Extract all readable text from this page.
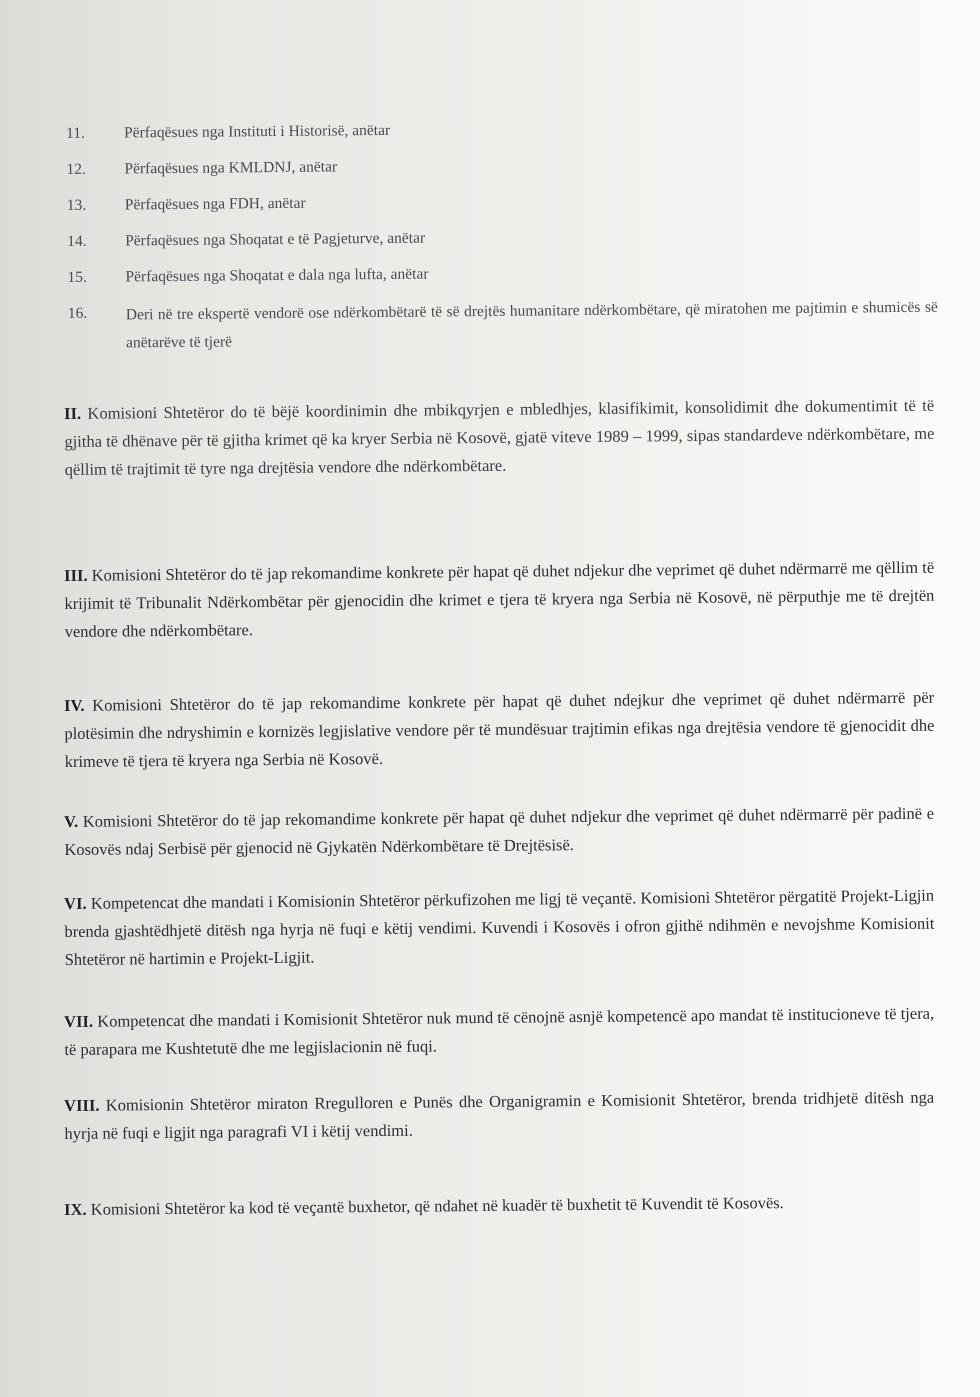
11.	Përfaqësues nga Instituti i Historisë, anëtar
12.	Përfaqësues nga KMLDNJ, anëtar
13.	Përfaqësues nga FDH, anëtar
14.	Përfaqësues nga Shoqatat e të Pagjeturve, anëtar
15.	Përfaqësues nga Shoqatat e dala nga lufta, anëtar
16.	Deri në tre ekspertë vendorë ose ndërkombëtarë të së drejtës humanitare ndërkombëtare, që miratohen me pajtimin e shumicës së anëtarëve të tjerë
II. Komisioni Shtetëror do të bëjë koordinimin dhe mbikqyrjen e mbledhjes, klasifikimit, konsolidimit dhe dokumentimit të të gjitha të dhënave për të gjitha krimet që ka kryer Serbia në Kosovë, gjatë viteve 1989 – 1999, sipas standardeve ndërkombëtare, me qëllim të trajtimit të tyre nga drejtësia vendore dhe ndërkombëtare.
III. Komisioni Shtetëror do të jap rekomandime konkrete për hapat që duhet ndjekur dhe veprimet që duhet ndërmarrë me qëllim të krijimit të Tribunalit Ndërkombëtar për gjenocidin dhe krimet e tjera të kryera nga Serbia në Kosovë, në përputhje me të drejtën vendore dhe ndërkombëtare.
IV. Komisioni Shtetëror do të jap rekomandime konkrete për hapat që duhet ndejkur dhe veprimet që duhet ndërmarrë për plotësimin dhe ndryshimin e kornizës legjislative vendore për të mundësuar trajtimin efikas nga drejtësia vendore të gjenocidit dhe krimeve të tjera të kryera nga Serbia në Kosovë.
V. Komisioni Shtetëror do të jap rekomandime konkrete për hapat që duhet ndjekur dhe veprimet që duhet ndërmarrë për padinë e Kosovës ndaj Serbisë për gjenocid në Gjykatën Ndërkombëtare të Drejtësisë.
VI. Kompetencat dhe mandati i Komisionin Shtetëror përkufizohen me ligj të veçantë. Komisioni Shtetëror përgatitë Projekt-Ligjin brenda gjashtëdhjetë ditësh nga hyrja në fuqi e këtij vendimi. Kuvendi i Kosovës i ofron gjithë ndihmën e nevojshme Komisionit Shtetëror në hartimin e Projekt-Ligjit.
VII. Kompetencat dhe mandati i Komisionit Shtetëror nuk mund të cënojnë asnjë kompetencë apo mandat të institucioneve të tjera, të parapara me Kushtetutë dhe me legjislacionin në fuqi.
VIII. Komisionin Shtetëror miraton Rregulloren e Punës dhe Organigramin e Komisionit Shtetëror, brenda tridhjetë ditësh nga hyrja në fuqi e ligjit nga paragrafi VI i këtij vendimi.
IX. Komisioni Shtetëror ka kod të veçantë buxhetor, që ndahet në kuadër të buxhetit të Kuvendit të Kosovës.
